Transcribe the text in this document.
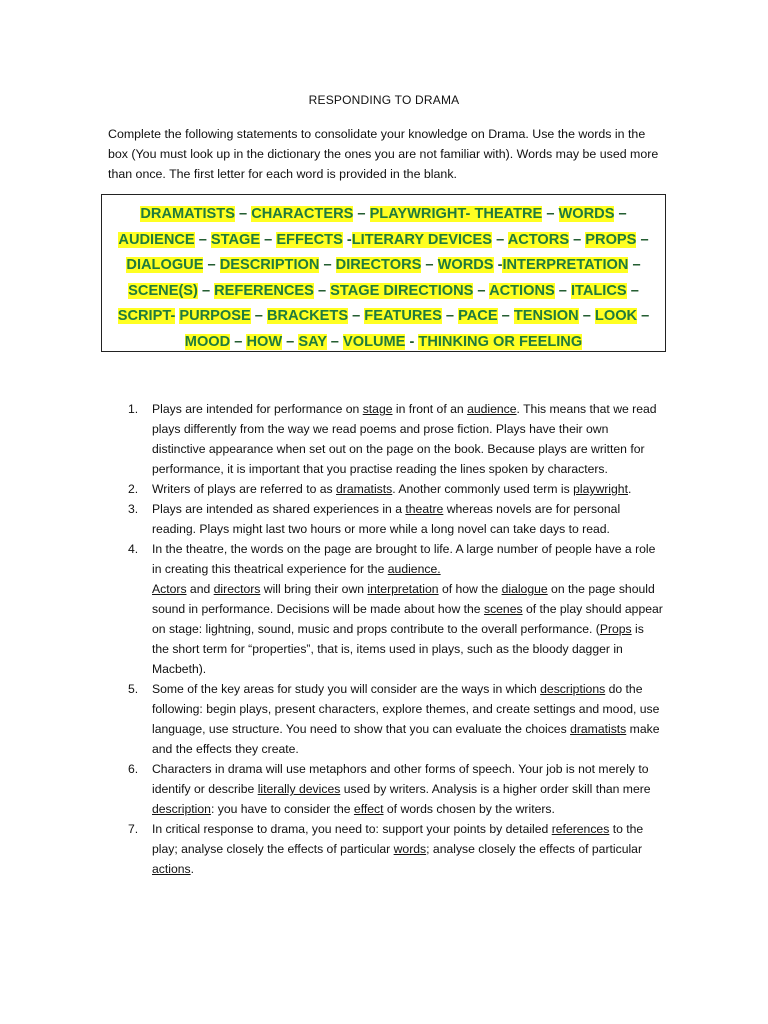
RESPONDING TO DRAMA
Complete the following statements to consolidate your knowledge on Drama. Use the words in the box (You must look up in the dictionary the ones you are not familiar with). Words may be used more than once. The first letter for each word is provided in the blank.
DRAMATISTS – CHARACTERS – PLAYWRIGHT- THEATRE – WORDS –
AUDIENCE – STAGE – EFFECTS -LITERARY DEVICES – ACTORS – PROPS –
DIALOGUE – DESCRIPTION – DIRECTORS – WORDS -INTERPRETATION –
SCENE(S) – REFERENCES – STAGE DIRECTIONS – ACTIONS – ITALICS –
SCRIPT- PURPOSE – BRACKETS – FEATURES – PACE – TENSION – LOOK –
MOOD – HOW – SAY – VOLUME - THINKING OR FEELING
1. Plays are intended for performance on stage in front of an audience. This means that we read plays differently from the way we read poems and prose fiction. Plays have their own distinctive appearance when set out on the page on the book. Because plays are written for performance, it is important that you practise reading the lines spoken by characters.
2. Writers of plays are referred to as dramatists. Another commonly used term is playwright.
3. Plays are intended as shared experiences in a theatre whereas novels are for personal reading. Plays might last two hours or more while a long novel can take days to read.
4. In the theatre, the words on the page are brought to life. A large number of people have a role in creating this theatrical experience for the audience.
Actors and directors will bring their own interpretation of how the dialogue on the page should sound in performance. Decisions will be made about how the scenes of the play should appear on stage: lightning, sound, music and props contribute to the overall performance. (Props is the short term for “properties”, that is, items used in plays, such as the bloody dagger in Macbeth).
5. Some of the key areas for study you will consider are the ways in which descriptions do the following: begin plays, present characters, explore themes, and create settings and mood, use language, use structure. You need to show that you can evaluate the choices dramatists make and the effects they create.
6. Characters in drama will use metaphors and other forms of speech. Your job is not merely to identify or describe literally devices used by writers. Analysis is a higher order skill than mere description: you have to consider the effect of words chosen by the writers.
7. In critical response to drama, you need to: support your points by detailed references to the play; analyse closely the effects of particular words; analyse closely the effects of particular actions.
